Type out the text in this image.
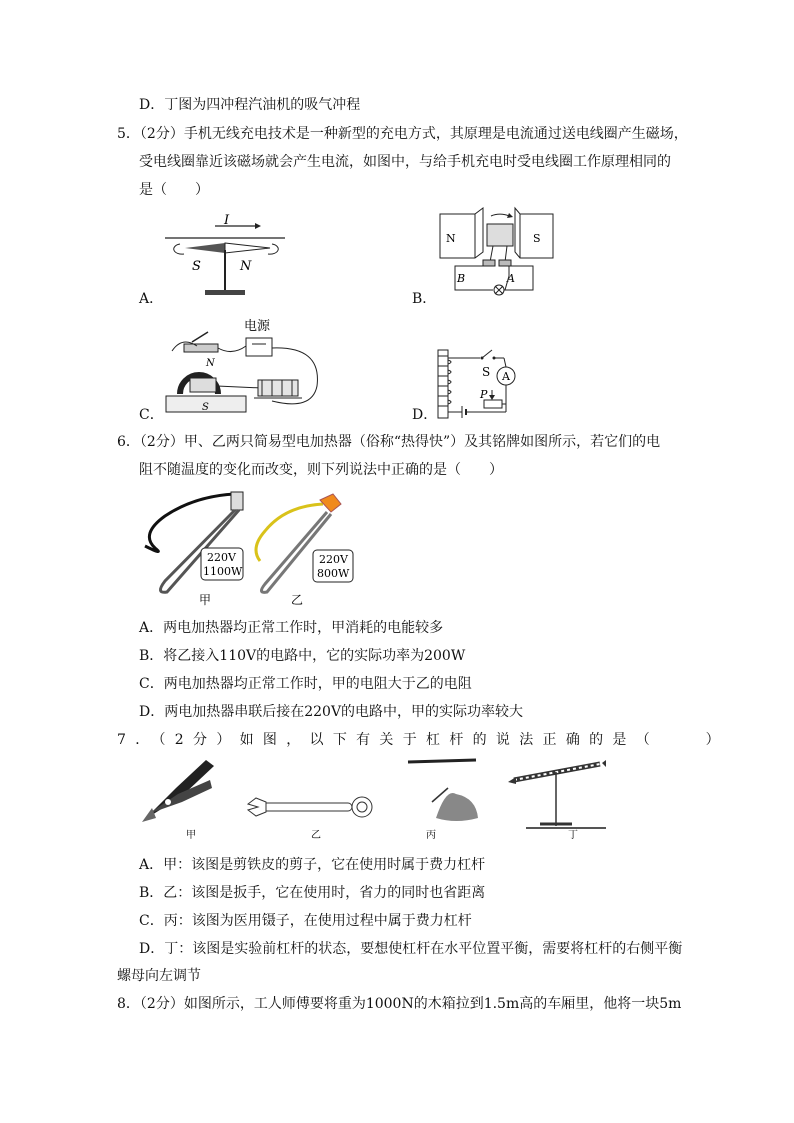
D．丁图为四冲程汽油机的吸气冲程
5．（2分）手机无线充电技术是一种新型的充电方式，其原理是电流通过送电线圈产生磁场，
受电线圈靠近该磁场就会产生电流，如图中，与给手机充电时受电线圈工作原理相同的
是（　　）
A．
I
S	N
B．
N	S
B	A
C．
电源
N
S	D．
S A
P
6．（2分）甲、乙两只简易型电加热器（俗称“热得快”）及其铭牌如图所示，若它们的电
阻不随温度的变化而改变，则下列说法中正确的是（　　）
220V
1100W
甲
220V
800W
乙
A．两电加热器均正常工作时，甲消耗的电能较多
B．将乙接入110V的电路中，它的实际功率为200W
C．两电加热器均正常工作时，甲的电阻大于乙的电阻
D．两电加热器串联后接在220V的电路中，甲的实际功率较大
7．（2分）如图，以下有关于杠杆的说法正确的是（　　）
甲	乙	丙	丁
A．甲：该图是剪铁皮的剪子，它在使用时属于费力杠杆
B．乙：该图是扳手，它在使用时，省力的同时也省距离
C．丙：该图为医用镊子，在使用过程中属于费力杠杆
D．丁：该图是实验前杠杆的状态，要想使杠杆在水平位置平衡，需要将杠杆的右侧平衡
螺母向左调节
8．（2分）如图所示，工人师傅要将重为1000N的木箱拉到1.5m高的车厢里，他将一块5m
